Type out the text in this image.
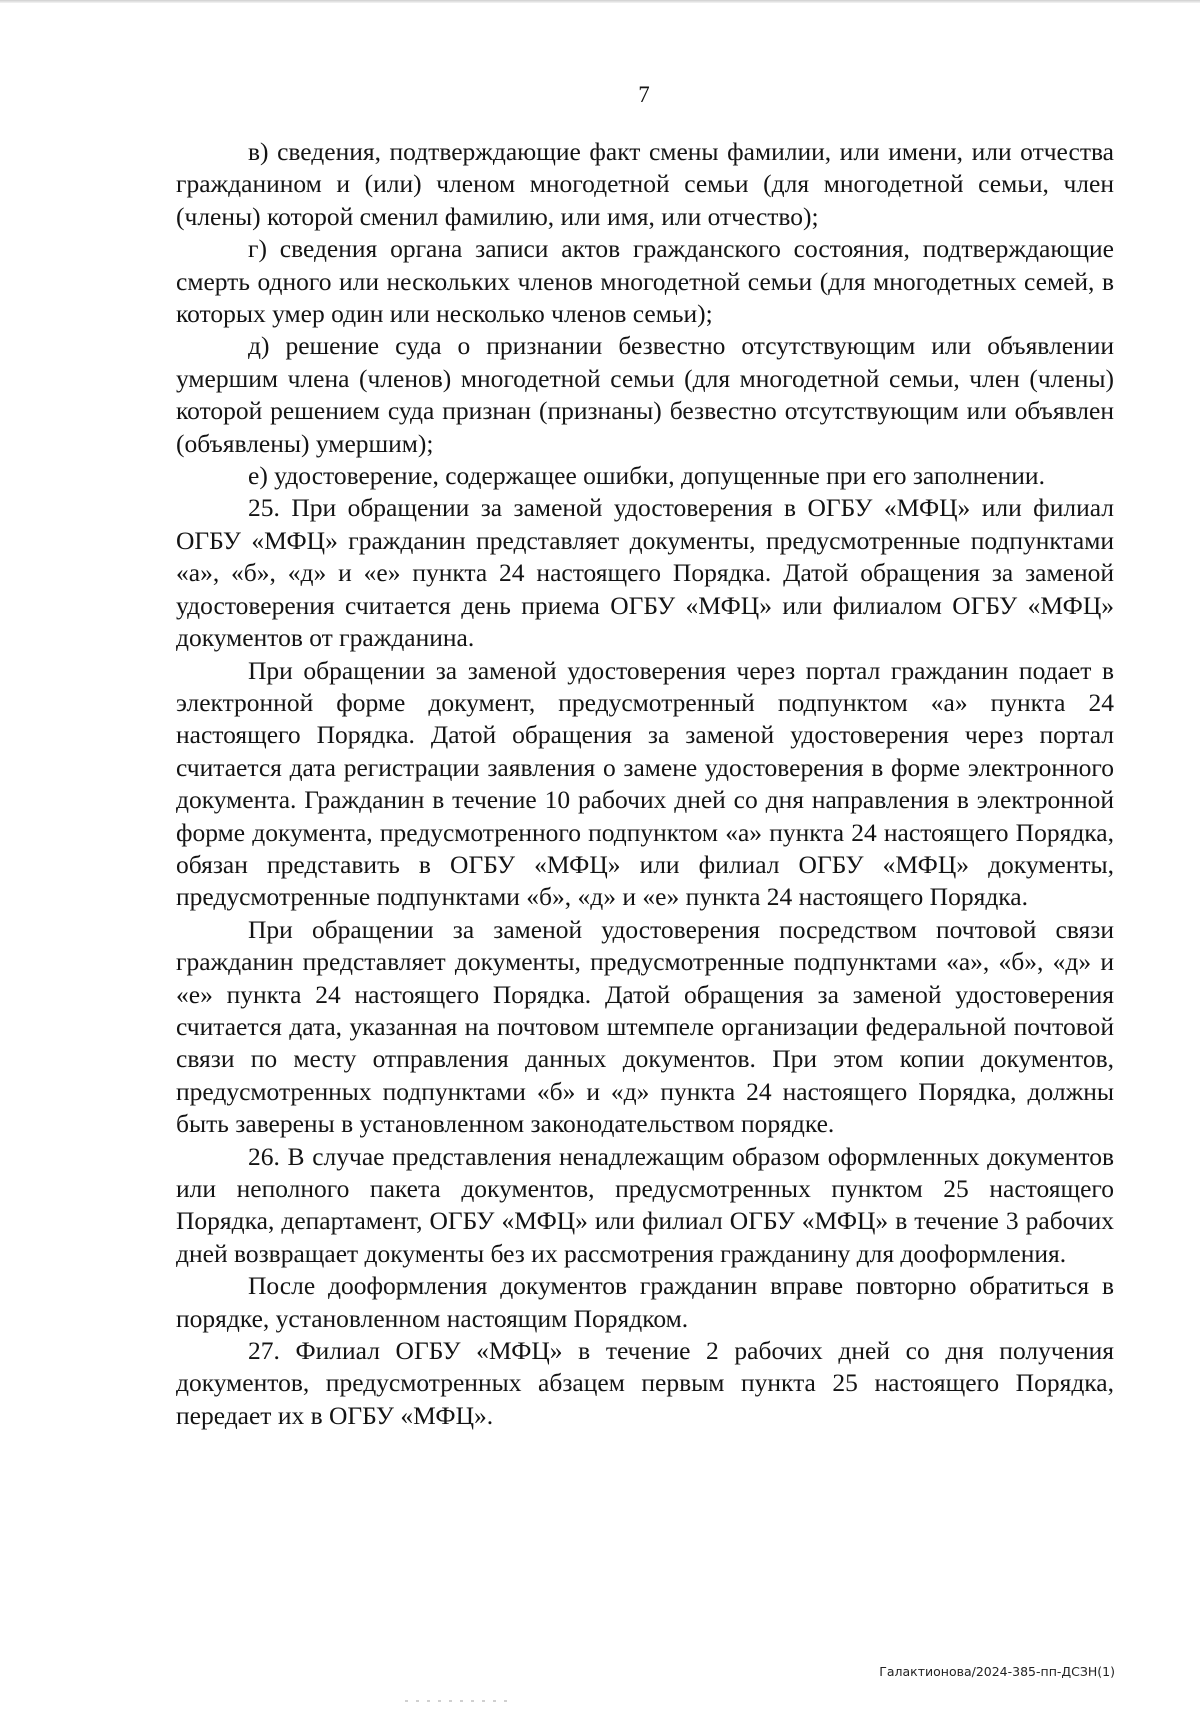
7

в) сведения, подтверждающие факт смены фамилии, или имени, или отчества гражданином и (или) членом многодетной семьи (для многодетной семьи, член (члены) которой сменил фамилию, или имя, или отчество);

г) сведения органа записи актов гражданского состояния, подтверждающие смерть одного или нескольких членов многодетной семьи (для многодетных семей, в которых умер один или несколько членов семьи);

д) решение суда о признании безвестно отсутствующим или объявлении умершим члена (членов) многодетной семьи (для многодетной семьи, член (члены) которой решением суда признан (признаны) безвестно отсутствующим или объявлен (объявлены) умершим);

е) удостоверение, содержащее ошибки, допущенные при его заполнении.

25. При обращении за заменой удостоверения в ОГБУ «МФЦ» или филиал ОГБУ «МФЦ» гражданин представляет документы, предусмотренные подпунктами «а», «б», «д» и «е» пункта 24 настоящего Порядка. Датой обращения за заменой удостоверения считается день приема ОГБУ «МФЦ» или филиалом ОГБУ «МФЦ» документов от гражданина.

При обращении за заменой удостоверения через портал гражданин подает в электронной форме документ, предусмотренный подпунктом «а» пункта 24 настоящего Порядка. Датой обращения за заменой удостоверения через портал считается дата регистрации заявления о замене удостоверения в форме электронного документа. Гражданин в течение 10 рабочих дней со дня направления в электронной форме документа, предусмотренного подпунктом «а» пункта 24 настоящего Порядка, обязан представить в ОГБУ «МФЦ» или филиал ОГБУ «МФЦ» документы, предусмотренные подпунктами «б», «д» и «е» пункта 24 настоящего Порядка.

При обращении за заменой удостоверения посредством почтовой связи гражданин представляет документы, предусмотренные подпунктами «а», «б», «д» и «е» пункта 24 настоящего Порядка. Датой обращения за заменой удостоверения считается дата, указанная на почтовом штемпеле организации федеральной почтовой связи по месту отправления данных документов. При этом копии документов, предусмотренных подпунктами «б» и «д» пункта 24 настоящего Порядка, должны быть заверены в установленном законодательством порядке.

26. В случае представления ненадлежащим образом оформленных документов или неполного пакета документов, предусмотренных пунктом 25 настоящего Порядка, департамент, ОГБУ «МФЦ» или филиал ОГБУ «МФЦ» в течение 3 рабочих дней возвращает документы без их рассмотрения гражданину для дооформления.

После дооформления документов гражданин вправе повторно обратиться в порядке, установленном настоящим Порядком.

27. Филиал ОГБУ «МФЦ» в течение 2 рабочих дней со дня получения документов, предусмотренных абзацем первым пункта 25 настоящего Порядка, передает их в ОГБУ «МФЦ».

Галактионова/2024-385-пп-ДСЗН(1)
